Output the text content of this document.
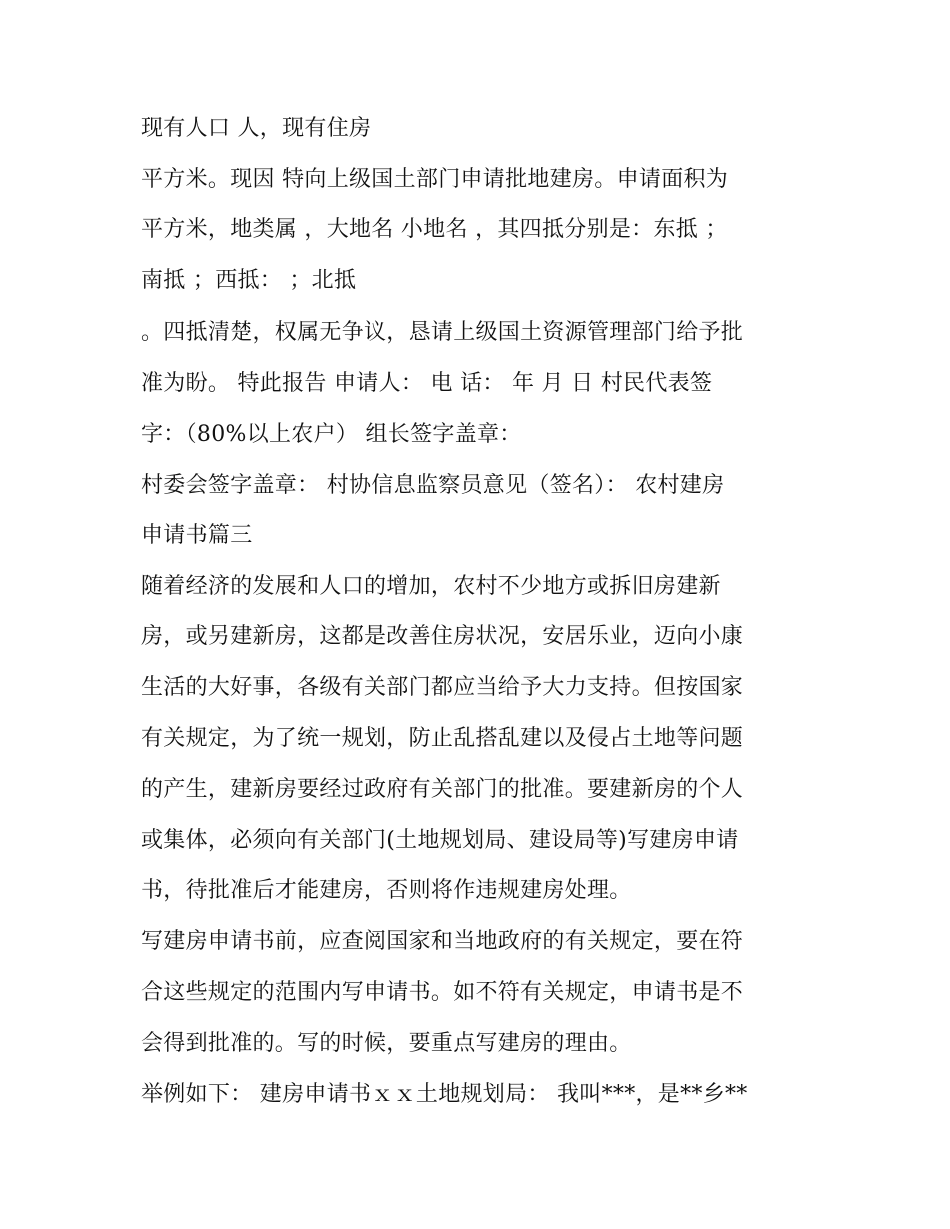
现有人口 人，现有住房

平方米。现因 特向上级国土部门申请批地建房。申请面积为

平方米，地类属 ，大地名 小地名 ，其四抵分别是：东抵 ；

南抵 ；西抵： ；北抵

。四抵清楚，权属无争议，恳请上级国土资源管理部门给予批

准为盼。 特此报告 申请人： 电 话： 年 月 日 村民代表签

字：（80%以上农户） 组长签字盖章：

村委会签字盖章： 村协信息监察员意见（签名）： 农村建房

申请书篇三

随着经济的发展和人口的增加，农村不少地方或拆旧房建新

房，或另建新房，这都是改善住房状况，安居乐业，迈向小康

生活的大好事，各级有关部门都应当给予大力支持。但按国家

有关规定，为了统一规划，防止乱搭乱建以及侵占土地等问题

的产生，建新房要经过政府有关部门的批准。要建新房的个人

或集体，必须向有关部门(土地规划局、建设局等)写建房申请

书，待批准后才能建房，否则将作违规建房处理。

写建房申请书前，应查阅国家和当地政府的有关规定，要在符

合这些规定的范围内写申请书。如不符有关规定，申请书是不

会得到批准的。写的时候，要重点写建房的理由。

举例如下： 建房申请书ｘｘ土地规划局： 我叫***，是**乡**
